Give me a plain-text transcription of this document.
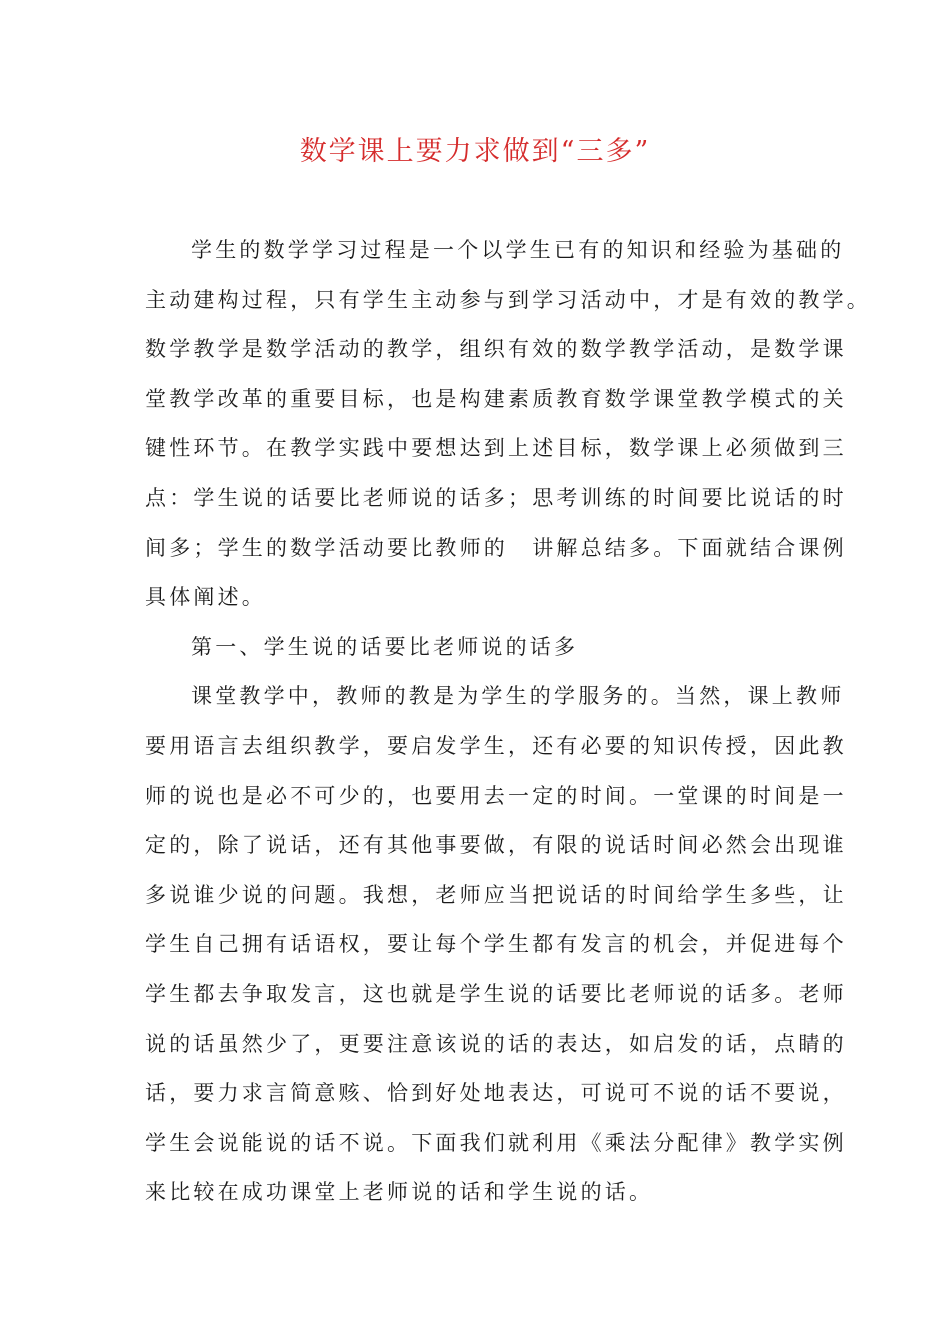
数学课上要力求做到“三多”
学生的数学学习过程是一个以学生已有的知识和经验为基础的
主动建构过程，只有学生主动参与到学习活动中，才是有效的教学。
数学教学是数学活动的教学，组织有效的数学教学活动，是数学课
堂教学改革的重要目标，也是构建素质教育数学课堂教学模式的关
键性环节。在教学实践中要想达到上述目标，数学课上必须做到三
点：学生说的话要比老师说的话多；思考训练的时间要比说话的时
间多；学生的数学活动要比教师的　讲解总结多。下面就结合课例
具体阐述。
第一、学生说的话要比老师说的话多
课堂教学中，教师的教是为学生的学服务的。当然，课上教师
要用语言去组织教学，要启发学生，还有必要的知识传授，因此教
师的说也是必不可少的，也要用去一定的时间。一堂课的时间是一
定的，除了说话，还有其他事要做，有限的说话时间必然会出现谁
多说谁少说的问题。我想，老师应当把说话的时间给学生多些，让
学生自己拥有话语权，要让每个学生都有发言的机会，并促进每个
学生都去争取发言，这也就是学生说的话要比老师说的话多。老师
说的话虽然少了，更要注意该说的话的表达，如启发的话，点睛的
话，要力求言简意赅、恰到好处地表达，可说可不说的话不要说，
学生会说能说的话不说。下面我们就利用《乘法分配律》教学实例
来比较在成功课堂上老师说的话和学生说的话。
